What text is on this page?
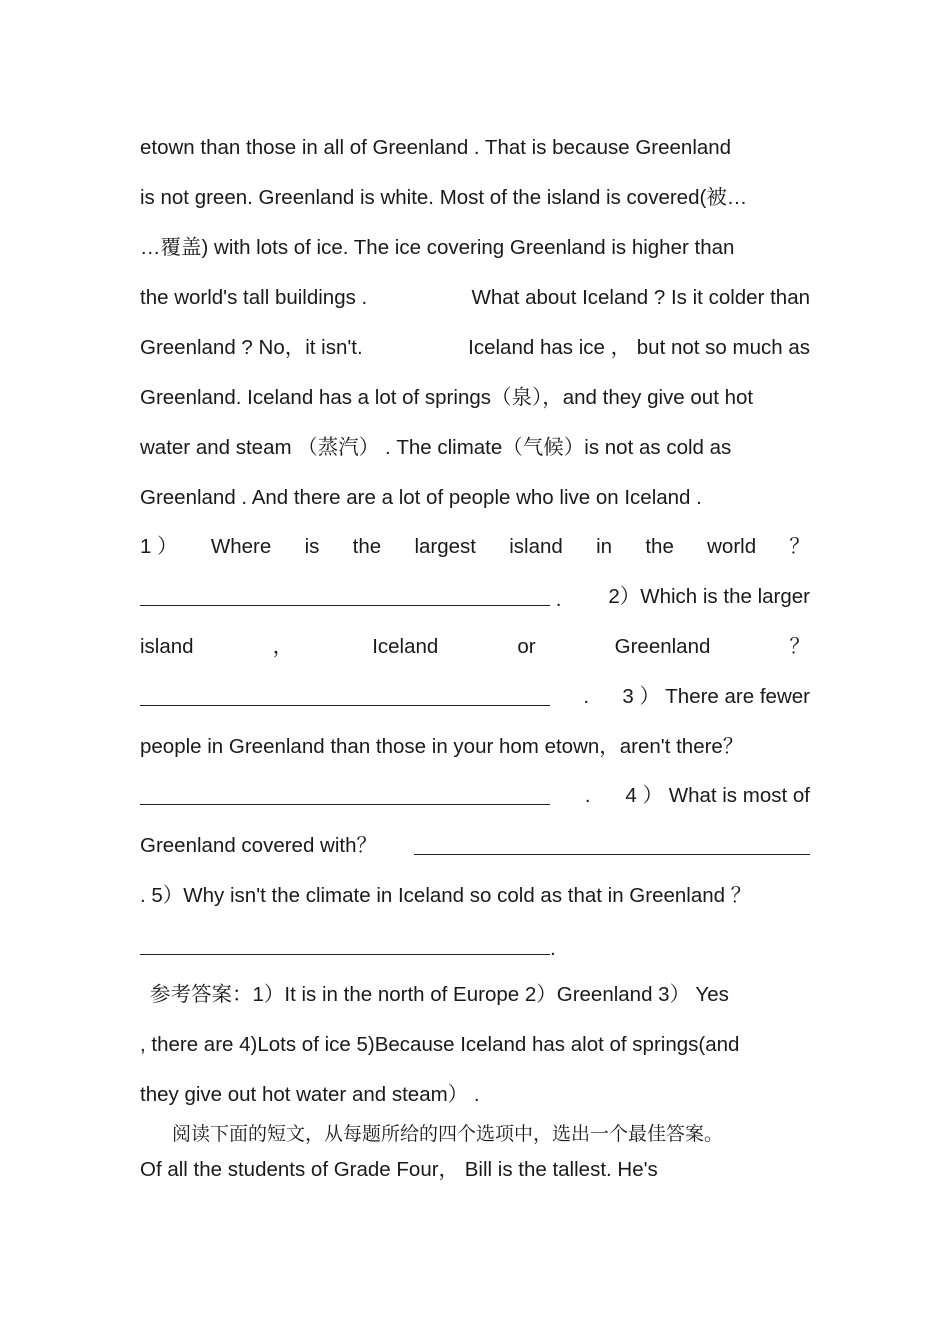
etown than those in all of Greenland . That is because Greenland
is not green. Greenland is white. Most of the island is covered(被…
…覆盖) with lots of ice. The ice covering Greenland is higher than
the world's tall buildings .	What about Iceland ? Is it colder than
Greenland ? No，it isn't.	Iceland has ice ， but not so much as
Greenland. Iceland has a lot of springs（泉），and they give out hot
water and steam （蒸汽） . The climate（气候）is not as cold as
Greenland . And there are a lot of people who live on Iceland .
1 ） Where is the largest island in the world ？
. 2）Which is the larger
island	，	Iceland	or	Greenland	？
. 3 ） There are fewer
people in Greenland than those in your hom etown，aren't there？
. 4 ） What is most of
Greenland covered with？
. 5）Why isn't the climate in Iceland so cold as that in Greenland ？
.
参考答案：1）It is in the north of Europe 2）Greenland 3） Yes
, there are 4)Lots of ice 5)Because Iceland has alot of springs(and
they give out hot water and steam） .
阅读下面的短文，从每题所给的四个选项中，选出一个最佳答案。
Of all the students of Grade Four， Bill is the tallest. He's
